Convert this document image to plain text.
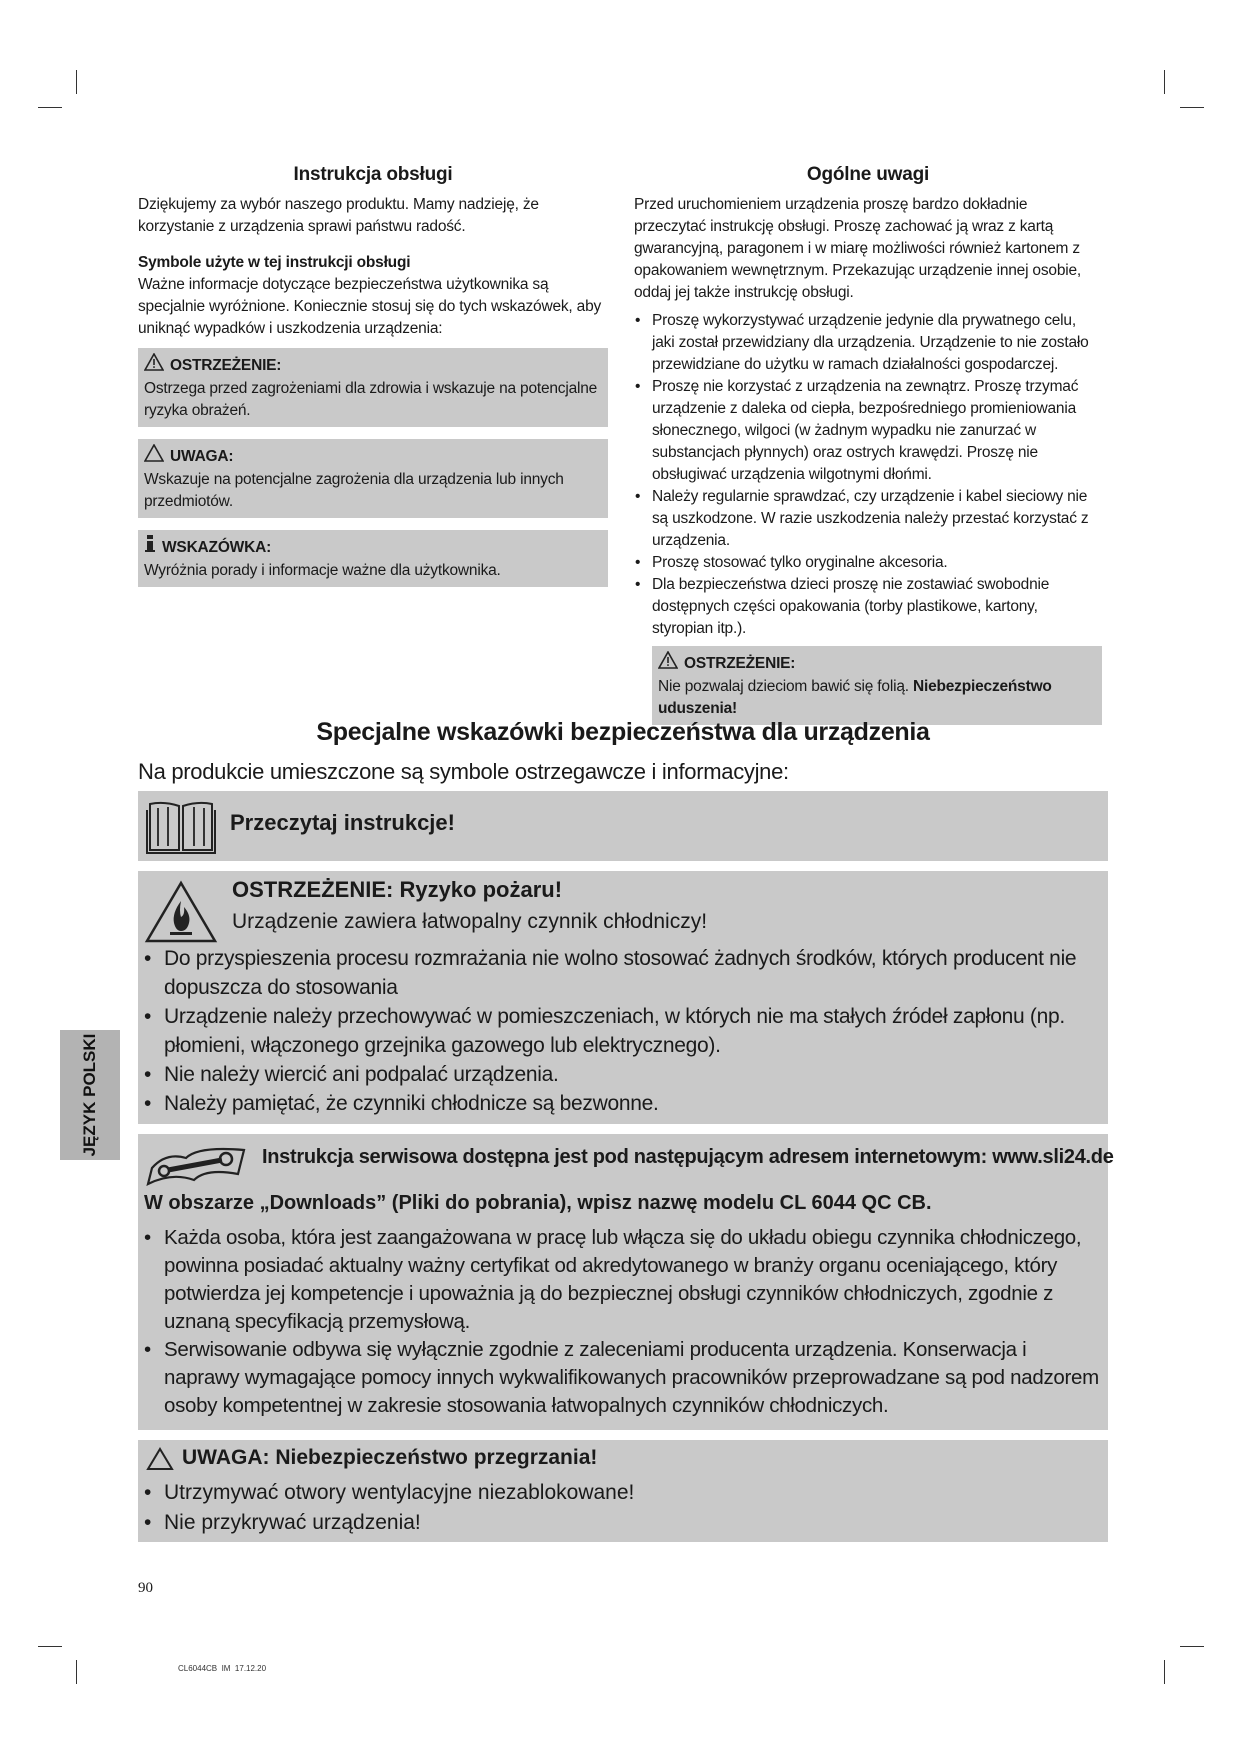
Instrukcja obsługi

Dziękujemy za wybór naszego produktu. Mamy nadzieję, że korzystanie z urządzenia sprawi państwu radość.

Symbole użyte w tej instrukcji obsługi

Ważne informacje dotyczące bezpieczeństwa użytkownika są specjalnie wyróżnione. Koniecznie stosuj się do tych wskazówek, aby uniknąć wypadków i uszkodzenia urządzenia:

OSTRZEŻENIE:
Ostrzega przed zagrożeniami dla zdrowia i wskazuje na potencjalne ryzyka obrażeń.
UWAGA:
Wskazuje na potencjalne zagrożenia dla urządzenia lub innych przedmiotów.
WSKAZÓWKA:
Wyróżnia porady i informacje ważne dla użytkownika.
Ogólne uwagi

Przed uruchomieniem urządzenia proszę bardzo dokładnie przeczytać instrukcję obsługi. Proszę zachować ją wraz z kartą gwarancyjną, paragonem i w miarę możliwości również kartonem z opakowaniem wewnętrznym. Przekazując urządzenie innej osobie, oddaj jej także instrukcję obsługi.

• Proszę wykorzystywać urządzenie jedynie dla prywatnego celu, jaki został przewidziany dla urządzenia. Urządzenie to nie zostało przewidziane do użytku w ramach działalności gospodarczej.
• Proszę nie korzystać z urządzenia na zewnątrz. Proszę trzymać urządzenie z daleka od ciepła, bezpośredniego promieniowania słonecznego, wilgoci (w żadnym wypadku nie zanurzać w substancjach płynnych) oraz ostrych krawędzi. Proszę nie obsługiwać urządzenia wilgotnymi dłońmi.
• Należy regularnie sprawdzać, czy urządzenie i kabel sieciowy nie są uszkodzone. W razie uszkodzenia należy przestać korzystać z urządzenia.
• Proszę stosować tylko oryginalne akcesoria.
• Dla bezpieczeństwa dzieci proszę nie zostawiać swobodnie dostępnych części opakowania (torby plastikowe, kartony, styropian itp.).
OSTRZEŻENIE:
Nie pozwalaj dzieciom bawić się folią. Niebezpieczeństwo uduszenia!
Specjalne wskazówki bezpieczeństwa dla urządzenia
Na produkcie umieszczone są symbole ostrzegawcze i informacyjne:
Przeczytaj instrukcje!
OSTRZEŻENIE: Ryzyko pożaru!
Urządzenie zawiera łatwopalny czynnik chłodniczy!
• Do przyspieszenia procesu rozmrażania nie wolno stosować żadnych środków, których producent nie dopuszcza do stosowania
• Urządzenie należy przechowywać w pomieszczeniach, w których nie ma stałych źródeł zapłonu (np. płomieni, włączonego grzejnika gazowego lub elektrycznego).
• Nie należy wiercić ani podpalać urządzenia.
• Należy pamiętać, że czynniki chłodnicze są bezwonne.
Instrukcja serwisowa dostępna jest pod następującym adresem internetowym: www.sli24.de
W obszarze „Downloads” (Pliki do pobrania), wpisz nazwę modelu CL 6044 QC CB.
• Każda osoba, która jest zaangażowana w pracę lub włącza się do układu obiegu czynnika chłodniczego, powinna posiadać aktualny ważny certyfikat od akredytowanego w branży organu oceniającego, który potwierdza jej kompetencje i upoważnia ją do bezpiecznej obsługi czynników chłodniczych, zgodnie z uznaną specyfikacją przemysłową.
• Serwisowanie odbywa się wyłącznie zgodnie z zaleceniami producenta urządzenia. Konserwacja i naprawy wymagające pomocy innych wykwalifikowanych pracowników przeprowadzane są pod nadzorem osoby kompetentnej w zakresie stosowania łatwopalnych czynników chłodniczych.
UWAGA: Niebezpieczeństwo przegrzania!
• Utrzymywać otwory wentylacyjne niezablokowane!
• Nie przykrywać urządzenia!
JĘZYK POLSKI
90
CL6044CB  IM  17.12.20
